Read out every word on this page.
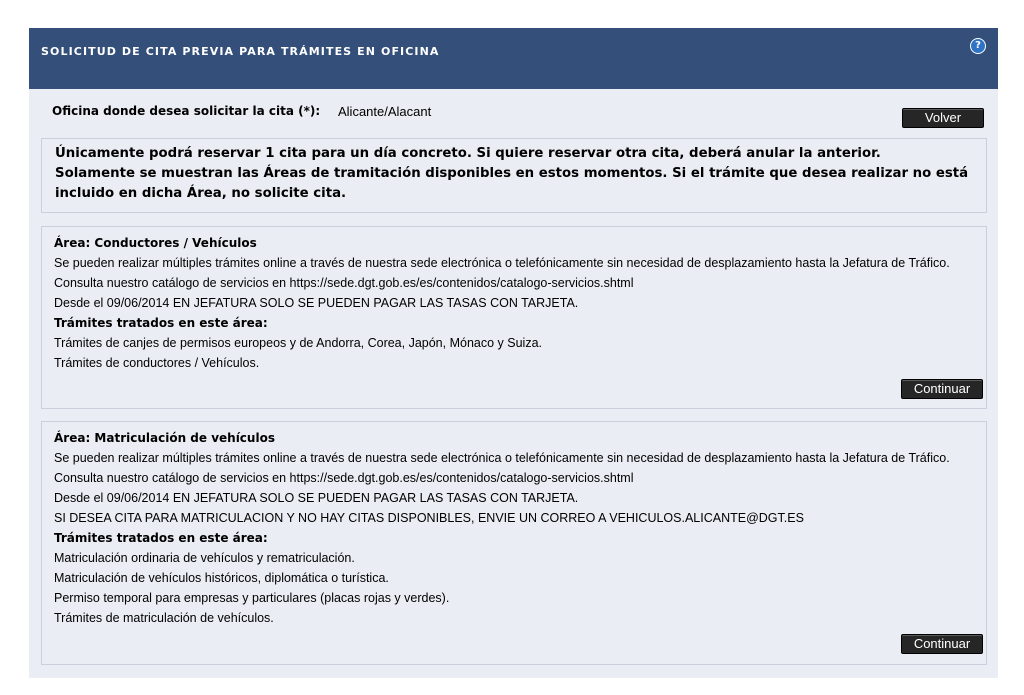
SOLICITUD DE CITA PREVIA PARA TRÁMITES EN OFICINA	?
Oficina donde desea solicitar la cita (*): Alicante/Alacant	Volver

Únicamente podrá reservar 1 cita para un día concreto. Si quiere reservar otra cita, deberá anular la anterior.

Solamente se muestran las Áreas de tramitación disponibles en estos momentos. Si el trámite que desea realizar no está incluido en dicha Área, no solicite cita.

Área: Conductores / Vehículos
Se pueden realizar múltiples trámites online a través de nuestra sede electrónica o telefónicamente sin necesidad de desplazamiento hasta la Jefatura de Tráfico. Consulta nuestro catálogo de servicios en https://sede.dgt.gob.es/es/contenidos/catalogo-servicios.shtml
Desde el 09/06/2014 EN JEFATURA SOLO SE PUEDEN PAGAR LAS TASAS CON TARJETA.
Trámites tratados en este área:
Trámites de canjes de permisos europeos y de Andorra, Corea, Japón, Mónaco y Suiza.
Trámites de conductores / Vehículos.
Continuar
Área: Matriculación de vehículos
Se pueden realizar múltiples trámites online a través de nuestra sede electrónica o telefónicamente sin necesidad de desplazamiento hasta la Jefatura de Tráfico. Consulta nuestro catálogo de servicios en https://sede.dgt.gob.es/es/contenidos/catalogo-servicios.shtml
Desde el 09/06/2014 EN JEFATURA SOLO SE PUEDEN PAGAR LAS TASAS CON TARJETA.
SI DESEA CITA PARA MATRICULACION Y NO HAY CITAS DISPONIBLES, ENVIE UN CORREO A VEHICULOS.ALICANTE@DGT.ES
Trámites tratados en este área:
Matriculación ordinaria de vehículos y rematriculación.
Matriculación de vehículos históricos, diplomática o turística.
Permiso temporal para empresas y particulares (placas rojas y verdes).
Trámites de matriculación de vehículos.
Continuar
